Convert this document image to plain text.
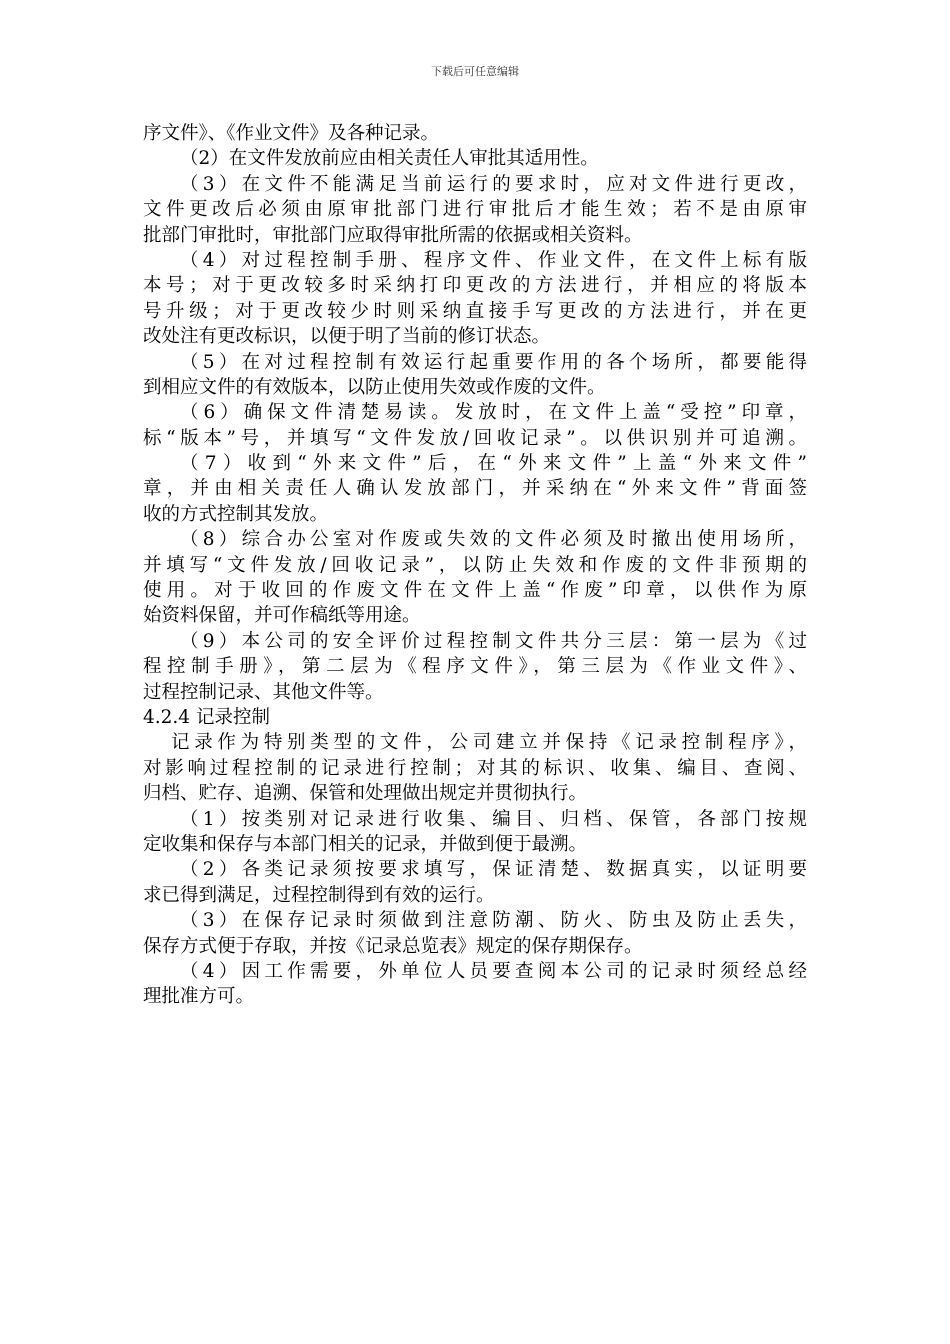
下载后可任意编辑
序文件》、《作业文件》及各种记录。
（2）在文件发放前应由相关责任人审批其适用性。
（3）在文件不能满足当前运行的要求时，应对文件进行更改，
文件更改后必须由原审批部门进行审批后才能生效；若不是由原审
批部门审批时，审批部门应取得审批所需的依据或相关资料。
（4）对过程控制手册、程序文件、作业文件，在文件上标有版
本号；对于更改较多时采纳打印更改的方法进行，并相应的将版本
号升级；对于更改较少时则采纳直接手写更改的方法进行，并在更
改处注有更改标识，以便于明了当前的修订状态。
（5）在对过程控制有效运行起重要作用的各个场所，都要能得
到相应文件的有效版本，以防止使用失效或作废的文件。
（6）确保文件清楚易读。发放时，在文件上盖“受控”印章，
标“版本”号，并填写“文件发放/回收记录”。以供识别并可追溯。
（7）收到“外来文件”后，在“外来文件”上盖“外来文件”
章，并由相关责任人确认发放部门，并采纳在“外来文件”背面签
收的方式控制其发放。
（8）综合办公室对作废或失效的文件必须及时撤出使用场所，
并填写“文件发放/回收记录”，以防止失效和作废的文件非预期的
使用。对于收回的作废文件在文件上盖“作废”印章，以供作为原
始资料保留，并可作稿纸等用途。
（9）本公司的安全评价过程控制文件共分三层：第一层为《过
程控制手册》，第二层为《程序文件》，第三层为《作业文件》、
过程控制记录、其他文件等。
4.2.4 记录控制
记录作为特别类型的文件，公司建立并保持《记录控制程序》，
对影响过程控制的记录进行控制；对其的标识、收集、编目、查阅、
归档、贮存、追溯、保管和处理做出规定并贯彻执行。
（1）按类别对记录进行收集、编目、归档、保管，各部门按规
定收集和保存与本部门相关的记录，并做到便于最溯。
（2）各类记录须按要求填写，保证清楚、数据真实，以证明要
求已得到满足，过程控制得到有效的运行。
（3）在保存记录时须做到注意防潮、防火、防虫及防止丢失，
保存方式便于存取，并按《记录总览表》规定的保存期保存。
（4）因工作需要，外单位人员要查阅本公司的记录时须经总经
理批准方可。
